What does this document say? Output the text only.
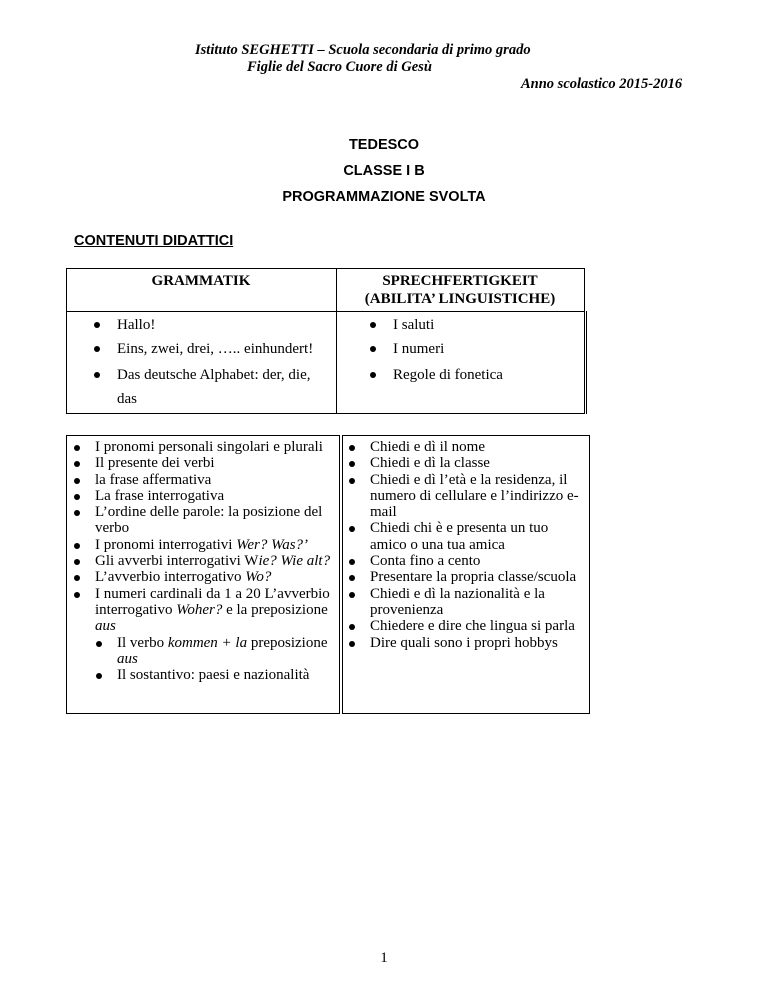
Istituto SEGHETTI – Scuola secondaria di primo grado
Figlie del Sacro Cuore di Gesù
Anno scolastico 2015-2016
TEDESCO
CLASSE I B
PROGRAMMAZIONE SVOLTA
CONTENUTI DIDATTICI
GRAMMATIK	SPRECHFERTIGKEIT
(ABILITA’ LINGUISTICHE)
Hallo!
Eins, zwei, drei, ….. einhundert!
Das deutsche Alphabet: der, die,
das
I saluti
I numeri
Regole di fonetica
I pronomi personali singolari e plurali
Il presente dei verbi
la frase affermativa
La frase interrogativa
L’ordine delle parole: la posizione del verbo
I pronomi interrogativi Wer? Was?’
Gli avverbi interrogativi Wie? Wie alt?
L’avverbio interrogativo Wo?
I numeri cardinali da 1 a 20 L’avverbio interrogativo Woher? e la preposizione aus
Il verbo kommen + la preposizione aus
Il sostantivo: paesi e nazionalità
Chiedi e dì il nome
Chiedi e dì la classe
Chiedi e dì l’età e la residenza, il numero di cellulare e l’indirizzo e-mail
Chiedi chi è e presenta un tuo amico o una tua amica
Conta fino a cento
Presentare la propria classe/scuola
Chiedi e dì la nazionalità e la provenienza
Chiedere e dire che lingua si parla
Dire quali sono i propri hobbys
1
